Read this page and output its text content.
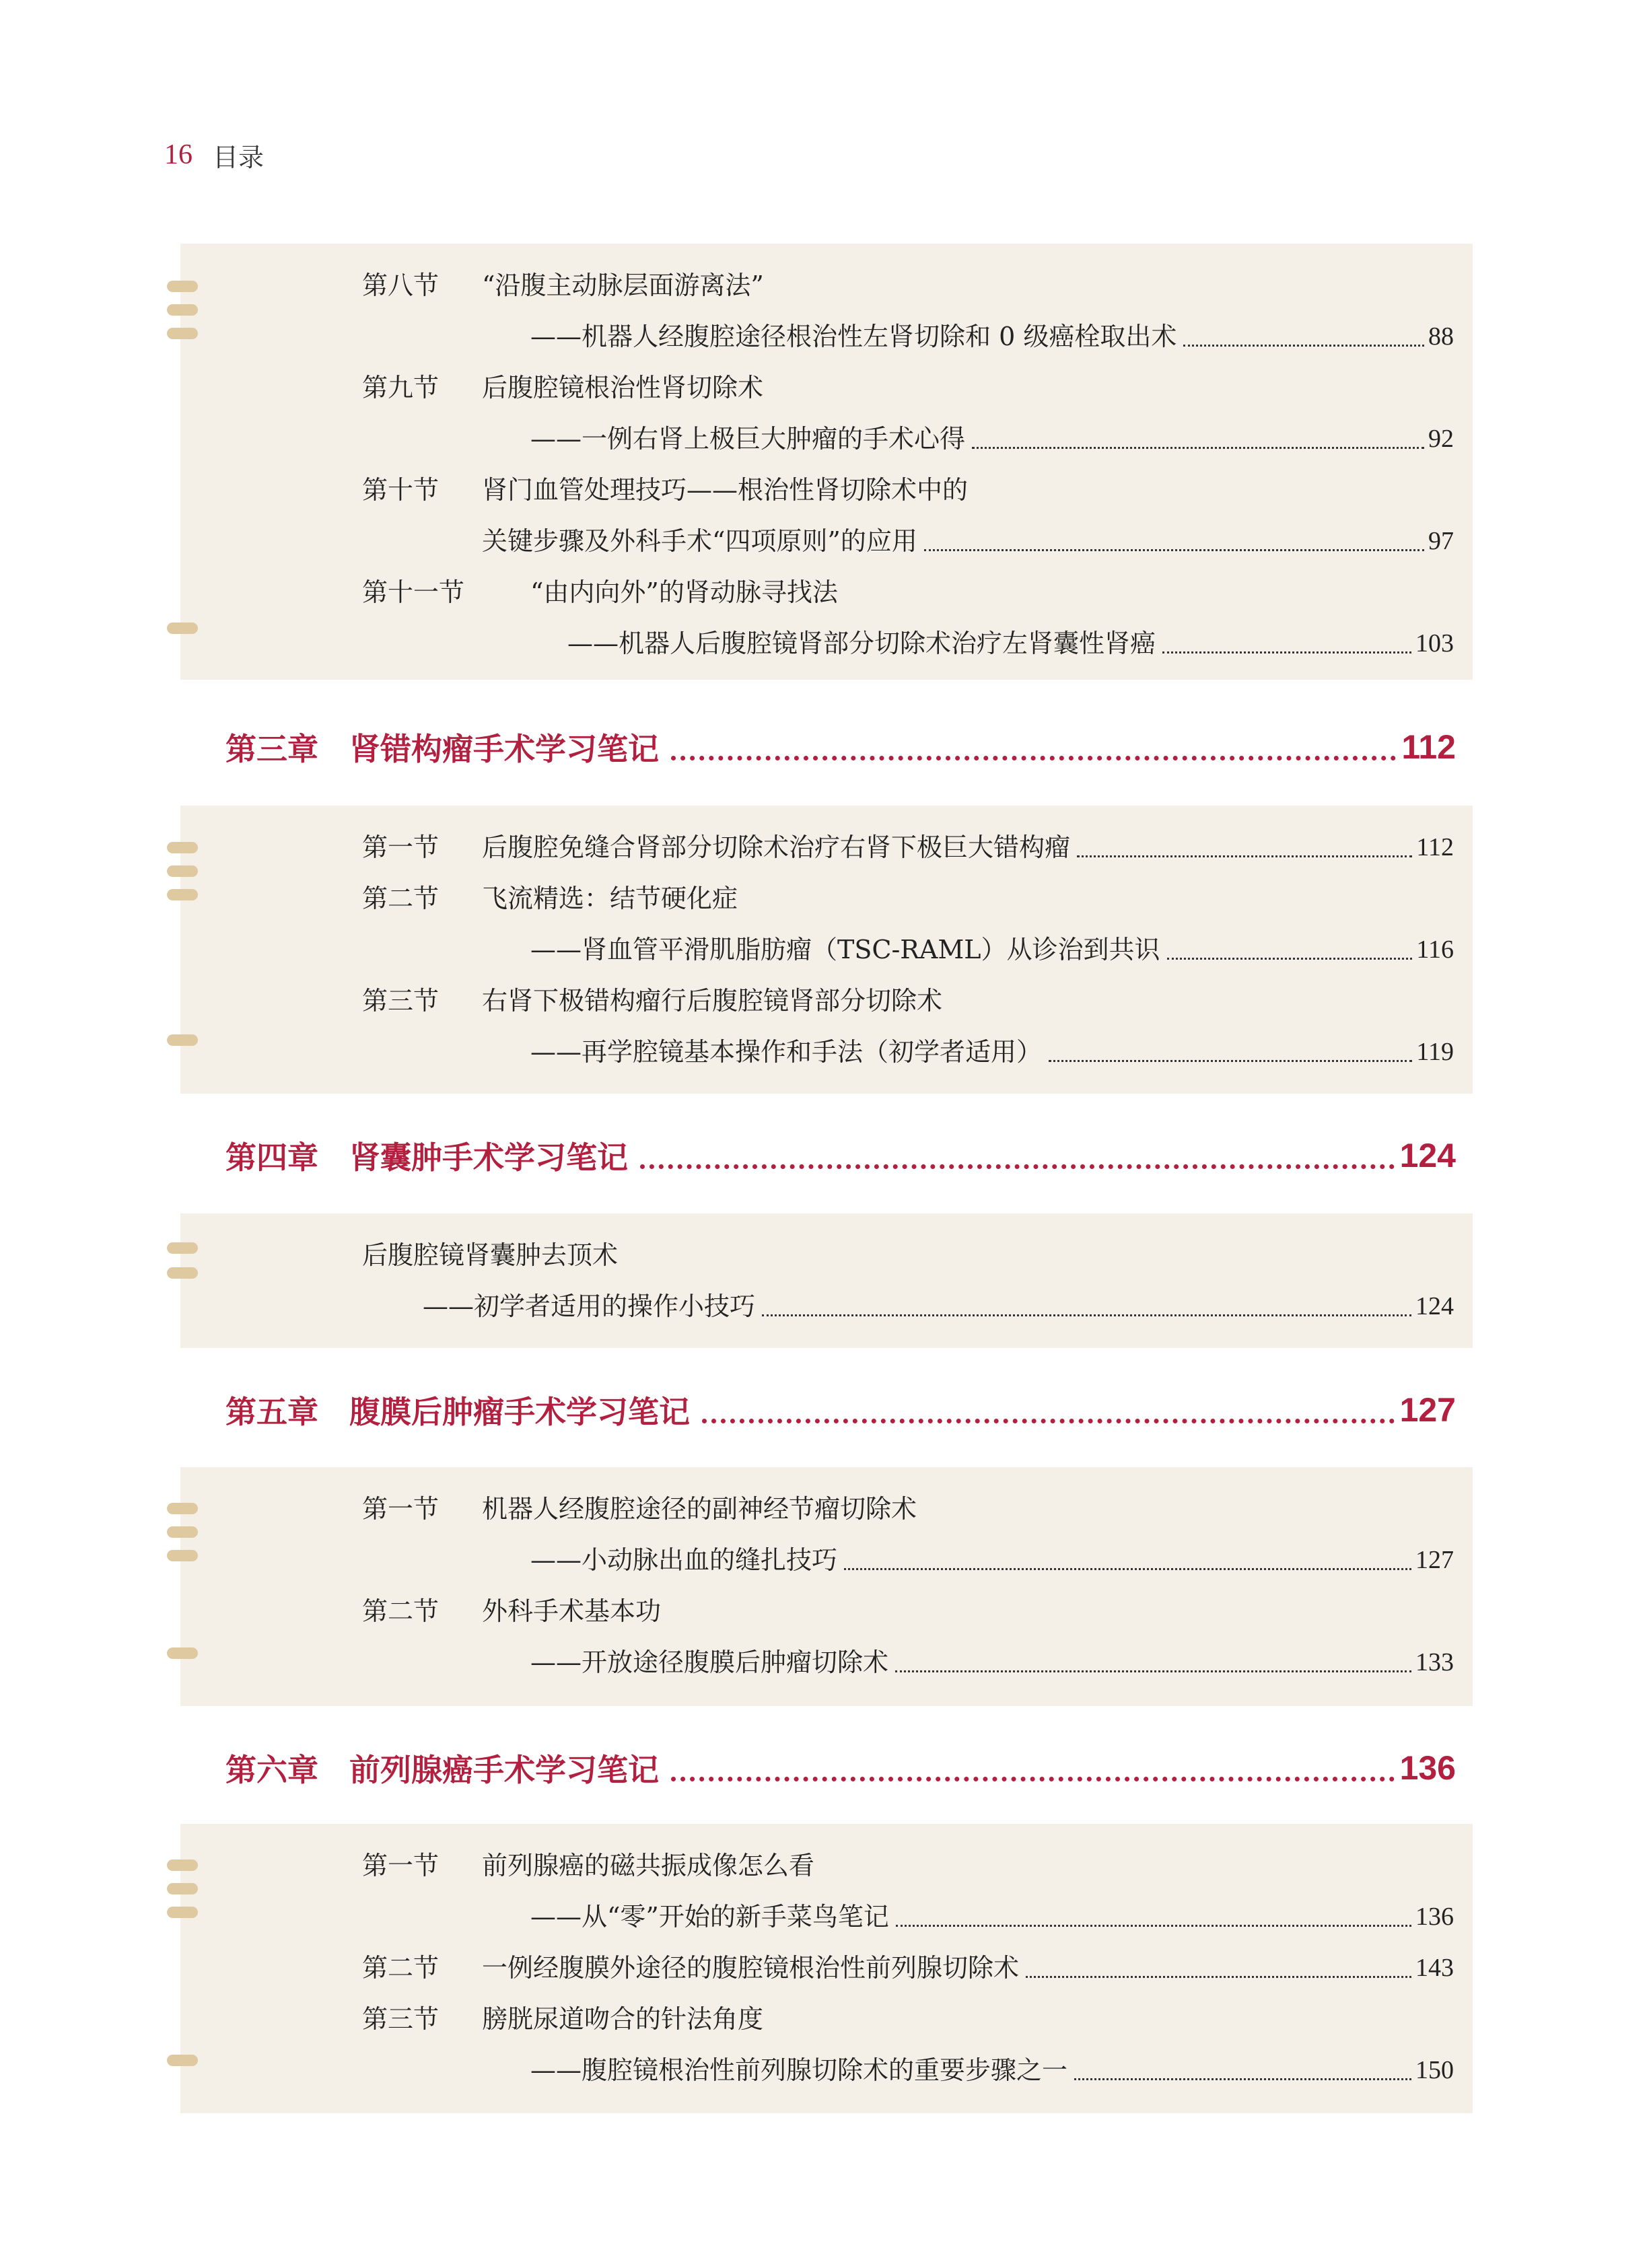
16 目录
第八节	“沿腹主动脉层面游离法”
——机器人经腹腔途径根治性左肾切除和 0 级癌栓取出术	88
第九节	后腹腔镜根治性肾切除术
——一例右肾上极巨大肿瘤的手术心得	92
第十节	肾门血管处理技巧——根治性肾切除术中的
关键步骤及外科手术“四项原则”的应用	97
第十一节	“由内向外”的肾动脉寻找法
——机器人后腹腔镜肾部分切除术治疗左肾囊性肾癌	103
第三章 肾错构瘤手术学习笔记	112
第一节	后腹腔免缝合肾部分切除术治疗右肾下极巨大错构瘤	112
第二节	飞流精选：结节硬化症
——肾血管平滑肌脂肪瘤（TSC-RAML）从诊治到共识	116
第三节	右肾下极错构瘤行后腹腔镜肾部分切除术
——再学腔镜基本操作和手法（初学者适用）	119
第四章 肾囊肿手术学习笔记	124
后腹腔镜肾囊肿去顶术
——初学者适用的操作小技巧	124
第五章 腹膜后肿瘤手术学习笔记	127
第一节	机器人经腹腔途径的副神经节瘤切除术
——小动脉出血的缝扎技巧	127
第二节	外科手术基本功
——开放途径腹膜后肿瘤切除术	133
第六章 前列腺癌手术学习笔记	136
第一节	前列腺癌的磁共振成像怎么看
——从“零”开始的新手菜鸟笔记	136
第二节	一例经腹膜外途径的腹腔镜根治性前列腺切除术	143
第三节	膀胱尿道吻合的针法角度
——腹腔镜根治性前列腺切除术的重要步骤之一	150
